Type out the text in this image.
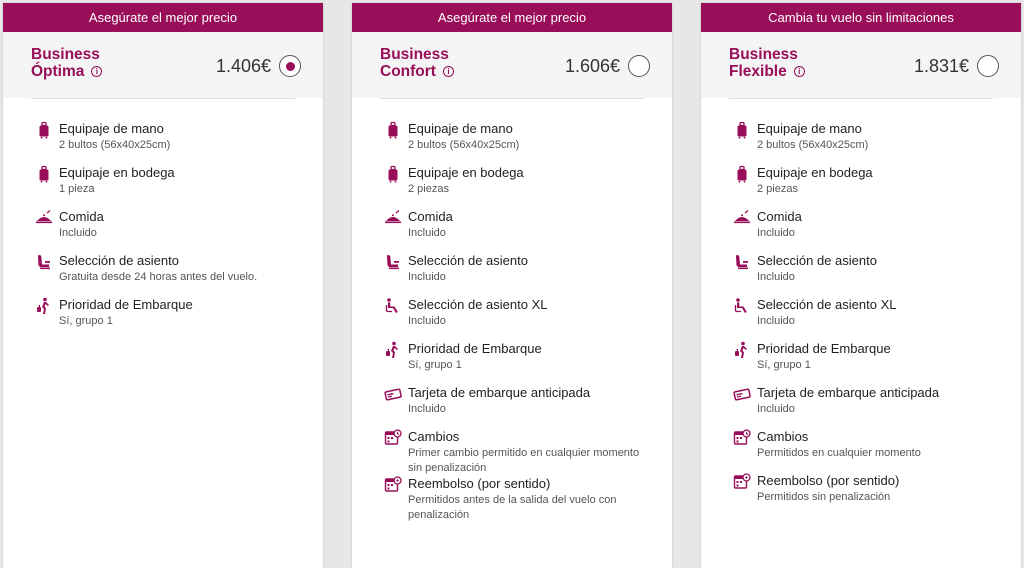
Asegúrate el mejor precio
Business
Óptima	i	1.406€
Equipaje de mano
2 bultos (56x40x25cm)
Equipaje en bodega
1 pieza
Comida
Incluido
Selección de asiento
Gratuita desde 24 horas antes del vuelo.
Prioridad de Embarque
Sí, grupo 1
Asegúrate el mejor precio
Business
Confort	i	1.606€
Equipaje de mano
2 bultos (56x40x25cm)
Equipaje en bodega
2 piezas
Comida
Incluido
Selección de asiento
Incluido
Selección de asiento XL
Incluido
Prioridad de Embarque
Sí, grupo 1
Tarjeta de embarque anticipada
Incluido
Cambios
Primer cambio permitido en cualquier momento sin penalización
Reembolso (por sentido)
Permitidos antes de la salida del vuelo con penalización
Cambia tu vuelo sin limitaciones
Business
Flexible	i	1.831€
Equipaje de mano
2 bultos (56x40x25cm)
Equipaje en bodega
2 piezas
Comida
Incluido
Selección de asiento
Incluido
Selección de asiento XL
Incluido
Prioridad de Embarque
Sí, grupo 1
Tarjeta de embarque anticipada
Incluido
Cambios
Permitidos en cualquier momento
Reembolso (por sentido)
Permitidos sin penalización
